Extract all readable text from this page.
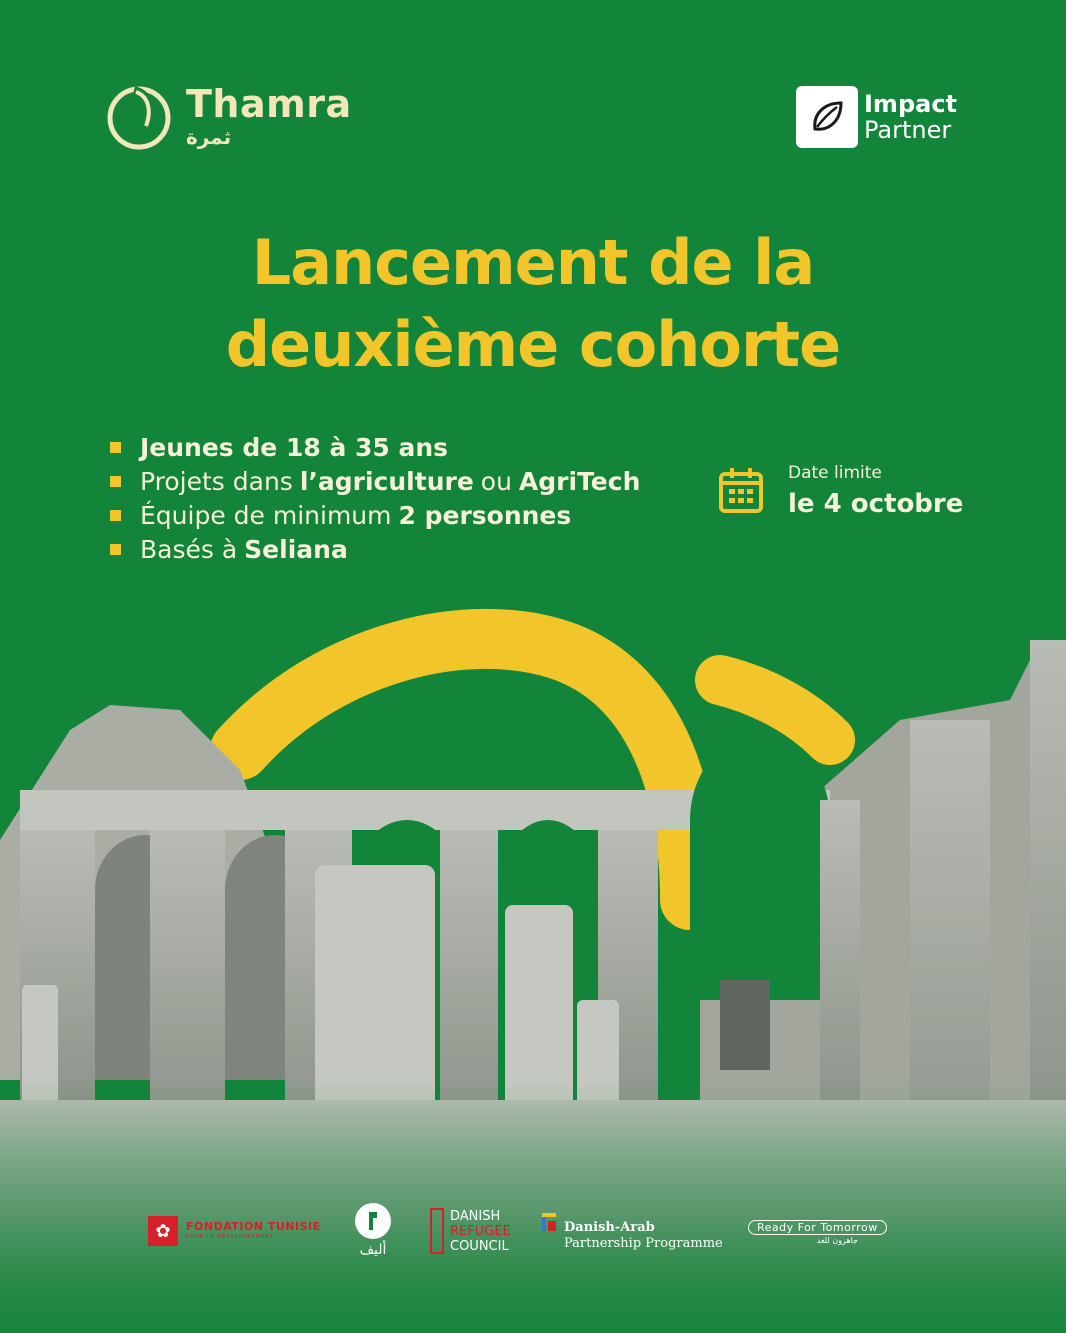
Thamra
ثمرة
Impact
Partner
Lancement de la
deuxième cohorte
Jeunes de 18 à 35 ans
Projets dans l’agriculture ou AgriTech
Équipe de minimum 2 personnes
Basés à Seliana
Date limite
le 4 octobre
✿	FONDATION TUNISIE
POUR LE DÉVELOPPEMENT
أليف
DANISH
REFUGEE
COUNCIL
Danish-Arab
Partnership Programme
Ready For Tomorrow
جاهزون للغد
